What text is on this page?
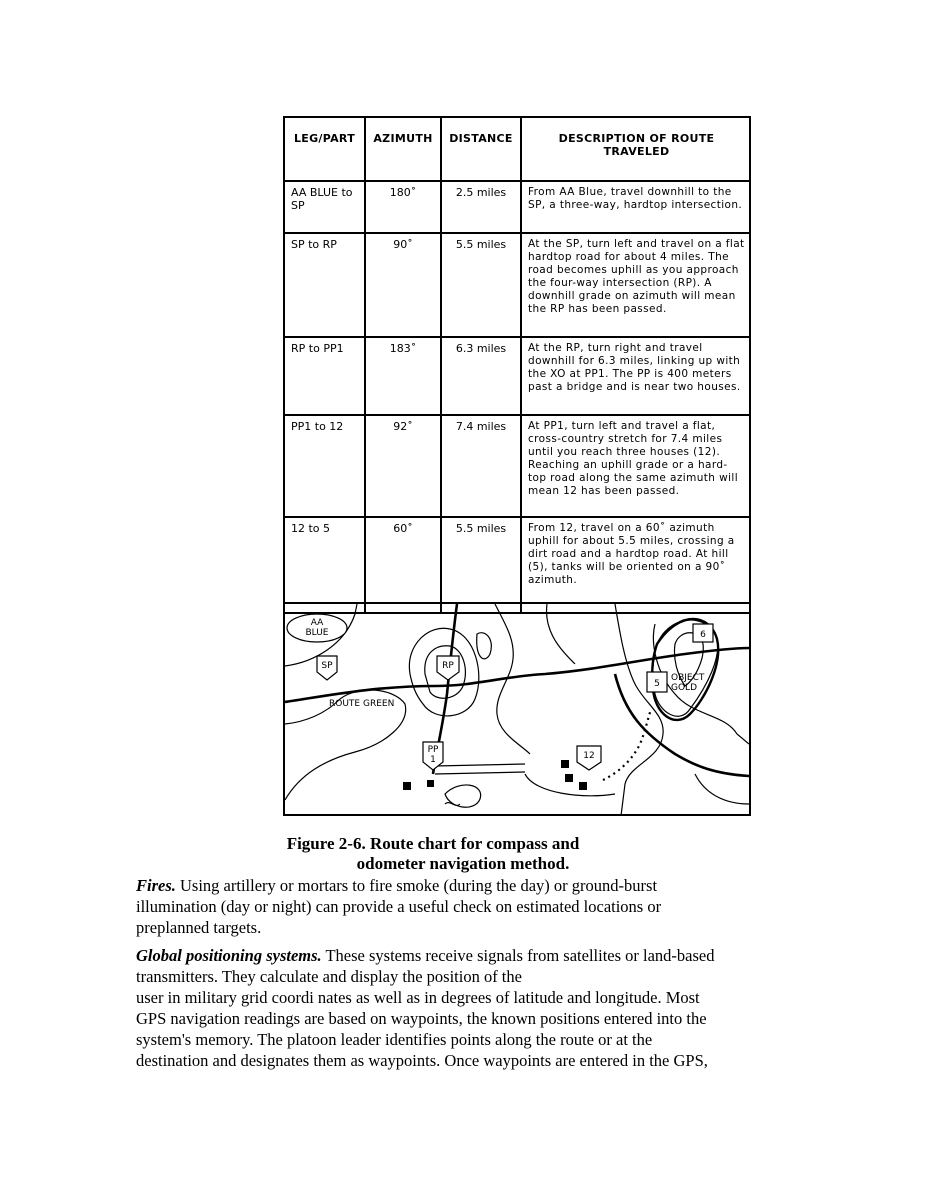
LEG/PART	AZIMUTH	DISTANCE	DESCRIPTION OF ROUTE TRAVELED
AA BLUE to SP	180˚	2.5 miles	From AA Blue, travel downhill to the SP, a three-way, hardtop intersection.
SP to RP	90˚	5.5 miles	At the SP, turn left and travel on a flat hardtop road for about 4 miles. The road becomes uphill as you approach the four-way intersection (RP). A downhill grade on azimuth will mean the RP has been passed.
RP to PP1	183˚	6.3 miles	At the RP, turn right and travel downhill for 6.3 miles, linking up with the XO at PP1. The PP is 400 meters past a bridge and is near two houses.
PP1 to 12	92˚	7.4 miles	At PP1, turn left and travel a flat, cross-country stretch for 7.4 miles until you reach three houses (12). Reaching an uphill grade or a hard-top road along the same azimuth will mean 12 has been passed.
12 to 5	60˚	5.5 miles	From 12, travel on a 60˚ azimuth uphill for about 5.5 miles, crossing a dirt road and a hardtop road. At hill (5), tanks will be oriented on a 90˚ azimuth.
AA
BLUE
SP	RP
PP
1
ROUTE GREEN
12
5
6
OBJECT
GOLD
Figure 2-6. Route chart for compass and
odometer navigation method.

Fires. Using artillery or mortars to fire smoke (during the day) or ground-burst
illumination (day or night) can provide a useful check on estimated locations or
preplanned targets.

Global positioning systems. These systems receive signals from satellites or land-based
transmitters. They calculate and display the position of the
user in military grid coordi nates as well as in degrees of latitude and longitude. Most
GPS navigation readings are based on waypoints, the known positions entered into the
system's memory. The platoon leader identifies points along the route or at the
destination and designates them as waypoints. Once waypoints are entered in the GPS,
